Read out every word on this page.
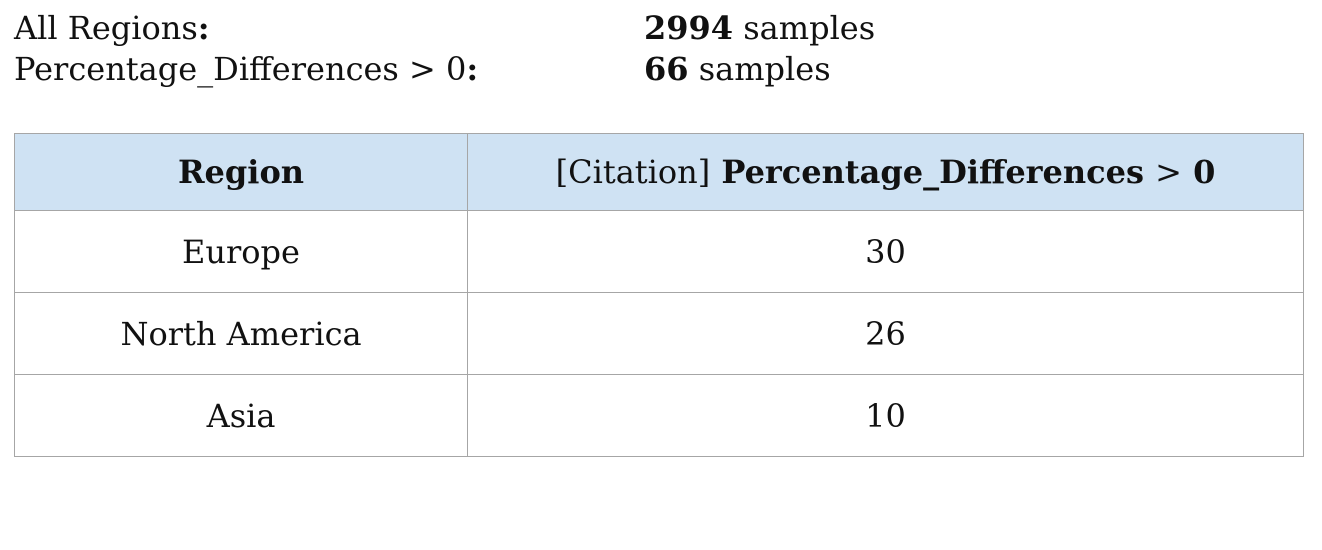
All Regions:	2994 samples
Percentage_Differences > 0:	66 samples
Region	[Citation] Percentage_Differences > 0
Europe	30
North America	26
Asia	10
